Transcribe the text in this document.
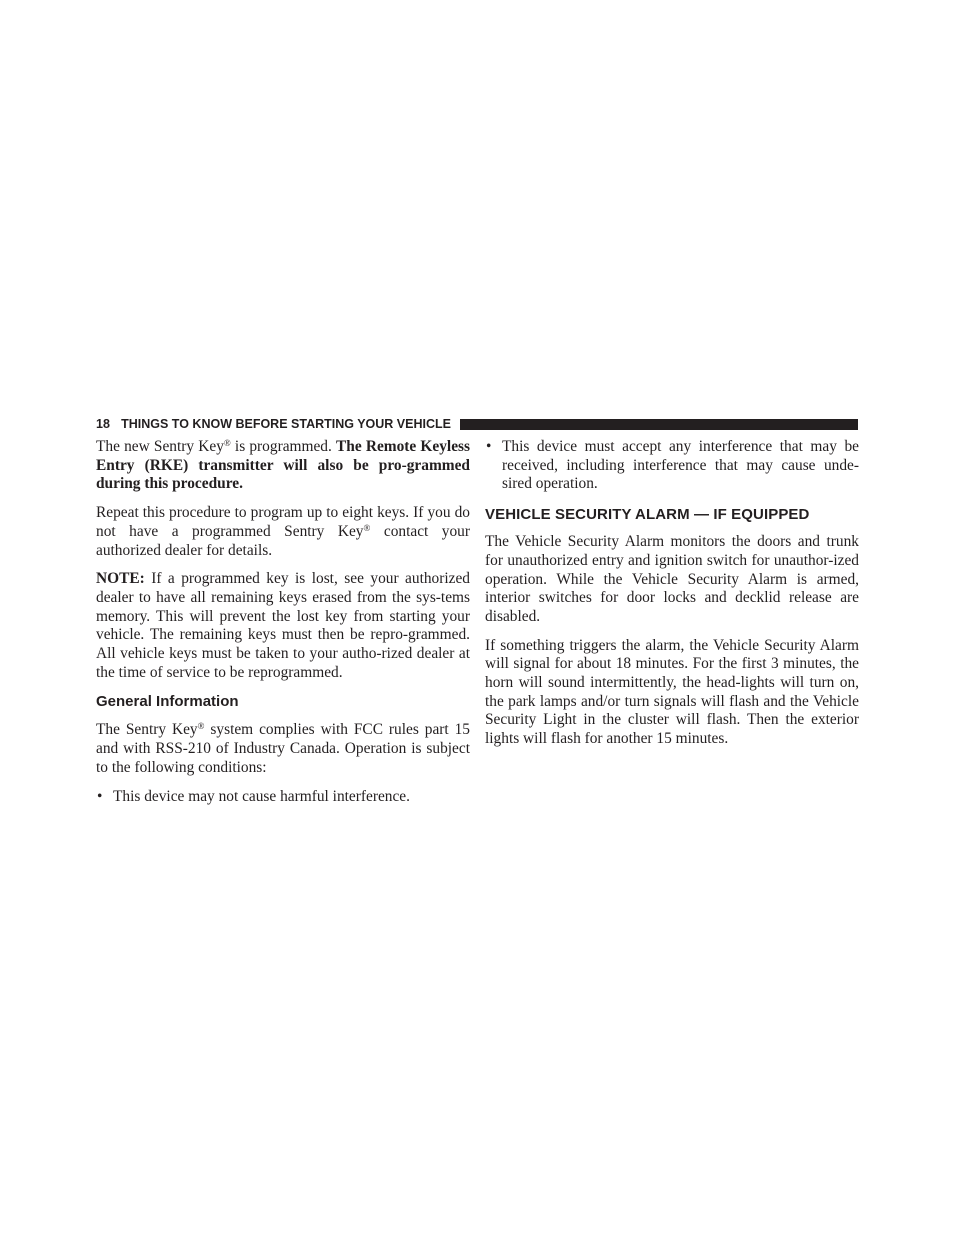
18 THINGS TO KNOW BEFORE STARTING YOUR VEHICLE

The new Sentry Key® is programmed. The Remote Keyless Entry (RKE) transmitter will also be pro-grammed during this procedure.

Repeat this procedure to program up to eight keys. If you do not have a programmed Sentry Key® contact your authorized dealer for details.

NOTE: If a programmed key is lost, see your authorized dealer to have all remaining keys erased from the sys-tems memory. This will prevent the lost key from starting your vehicle. The remaining keys must then be repro-grammed. All vehicle keys must be taken to your autho-rized dealer at the time of service to be reprogrammed.

General Information

The Sentry Key® system complies with FCC rules part 15 and with RSS-210 of Industry Canada. Operation is subject to the following conditions:

• This device may not cause harmful interference.
• This device must accept any interference that may be received, including interference that may cause unde-sired operation.
VEHICLE SECURITY ALARM — IF EQUIPPED

The Vehicle Security Alarm monitors the doors and trunk for unauthorized entry and ignition switch for unauthor-ized operation. While the Vehicle Security Alarm is armed, interior switches for door locks and decklid release are disabled.

If something triggers the alarm, the Vehicle Security Alarm will signal for about 18 minutes. For the first 3 minutes, the horn will sound intermittently, the head-lights will turn on, the park lamps and/or turn signals will flash and the Vehicle Security Light in the cluster will flash. Then the exterior lights will flash for another 15 minutes.
